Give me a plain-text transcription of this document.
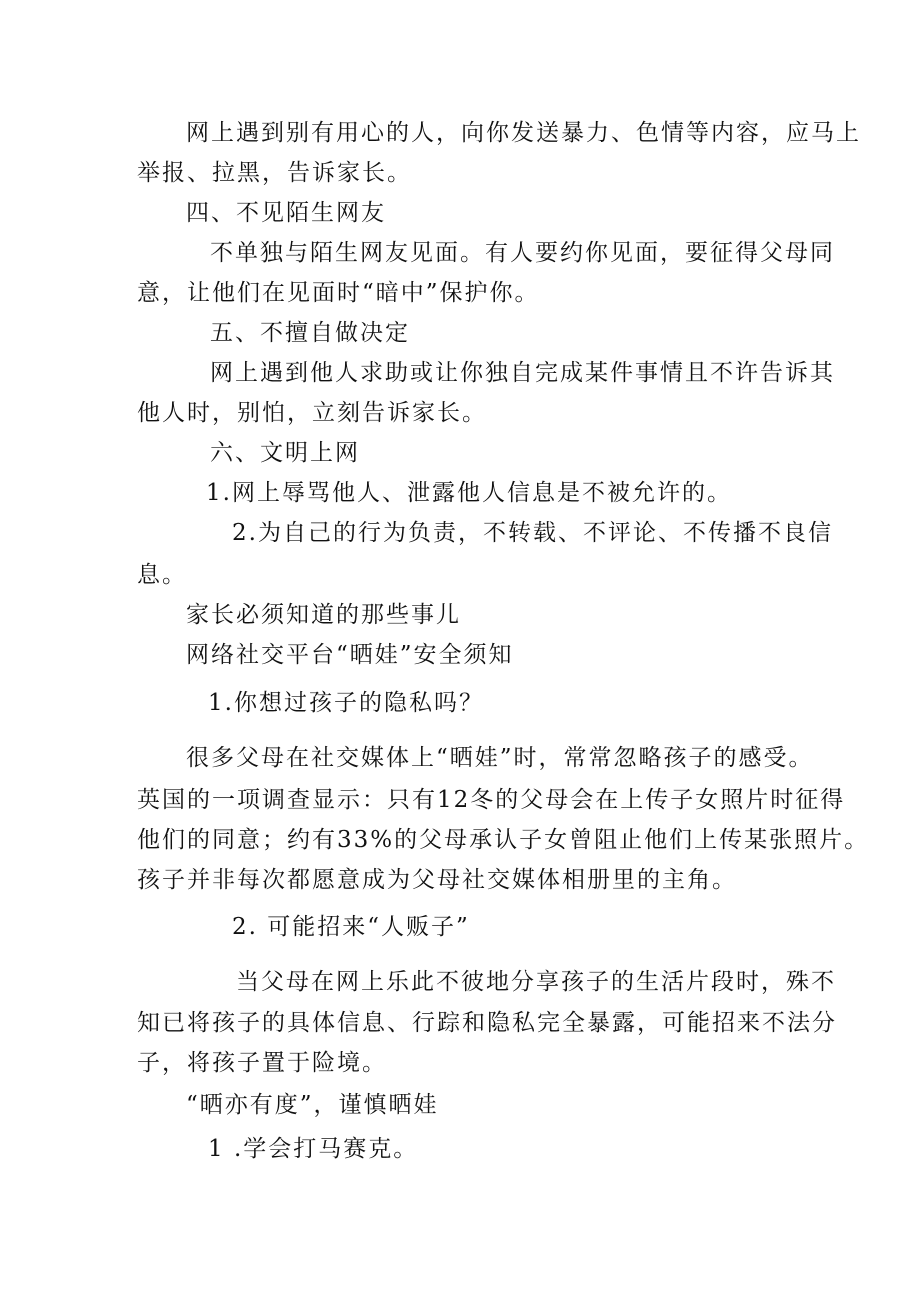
网上遇到别有用心的人，向你发送暴力、色情等内容，应马上
举报、拉黑，告诉家长。
四、不见陌生网友
不单独与陌生网友见面。有人要约你见面，要征得父母同
意，让他们在见面时“暗中”保护你。
五、不擅自做决定
网上遇到他人求助或让你独自完成某件事情且不许告诉其
他人时，别怕，立刻告诉家长。
六、文明上网
1.网上辱骂他人、泄露他人信息是不被允许的。
2.为自己的行为负责，不转载、不评论、不传播不良信
息。
家长必须知道的那些事儿
网络社交平台“晒娃”安全须知
1.你想过孩子的隐私吗？
很多父母在社交媒体上“晒娃”时，常常忽略孩子的感受。
英国的一项调查显示：只有12冬的父母会在上传子女照片时征得
他们的同意；约有33%的父母承认子女曾阻止他们上传某张照片。
孩子并非每次都愿意成为父母社交媒体相册里的主角。
2. 可能招来“人贩子”
当父母在网上乐此不彼地分享孩子的生活片段时，殊不
知已将孩子的具体信息、行踪和隐私完全暴露，可能招来不法分
子，将孩子置于险境。
“晒亦有度”，谨慎晒娃
1 .学会打马赛克。
